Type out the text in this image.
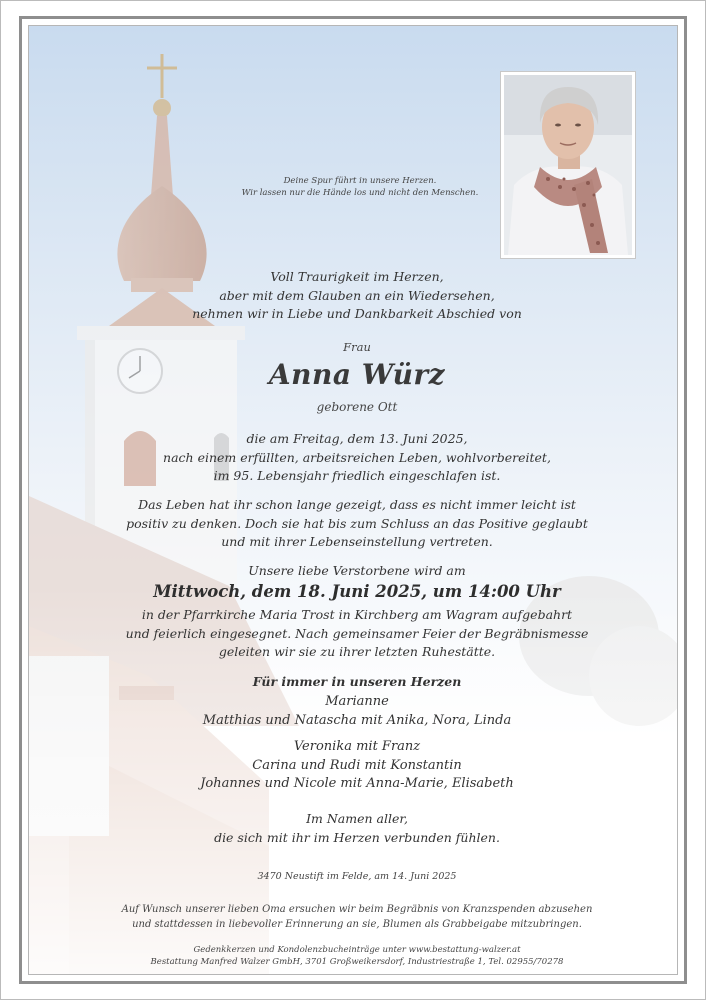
Deine Spur führt in unsere Herzen.
Wir lassen nur die Hände los und nicht den Menschen.
Voll Traurigkeit im Herzen,
aber mit dem Glauben an ein Wiedersehen,
nehmen wir in Liebe und Dankbarkeit Abschied von
Frau
Anna Würz
geborene Ott
die am Freitag, dem 13. Juni 2025,
nach einem erfüllten, arbeitsreichen Leben, wohlvorbereitet,
im 95. Lebensjahr friedlich eingeschlafen ist.
Das Leben hat ihr schon lange gezeigt, dass es nicht immer leicht ist
positiv zu denken. Doch sie hat bis zum Schluss an das Positive geglaubt
und mit ihrer Lebenseinstellung vertreten.
Unsere liebe Verstorbene wird am
Mittwoch, dem 18. Juni 2025, um 14:00 Uhr
in der Pfarrkirche Maria Trost in Kirchberg am Wagram aufgebahrt
und feierlich eingesegnet. Nach gemeinsamer Feier der Begräbnismesse
geleiten wir sie zu ihrer letzten Ruhestätte.
Für immer in unseren Herzen
Marianne
Matthias und Natascha mit Anika, Nora, Linda
Veronika mit Franz
Carina und Rudi mit Konstantin
Johannes und Nicole mit Anna-Marie, Elisabeth
Im Namen aller,
die sich mit ihr im Herzen verbunden fühlen.
3470 Neustift im Felde, am 14. Juni 2025
Auf Wunsch unserer lieben Oma ersuchen wir beim Begräbnis von Kranzspenden abzusehen
und stattdessen in liebevoller Erinnerung an sie, Blumen als Grabbeigabe mitzubringen.
Gedenkkerzen und Kondolenzbucheinträge unter www.bestattung-walzer.at
Bestattung Manfred Walzer GmbH, 3701 Großweikersdorf, Industriestraße 1, Tel. 02955/70278
